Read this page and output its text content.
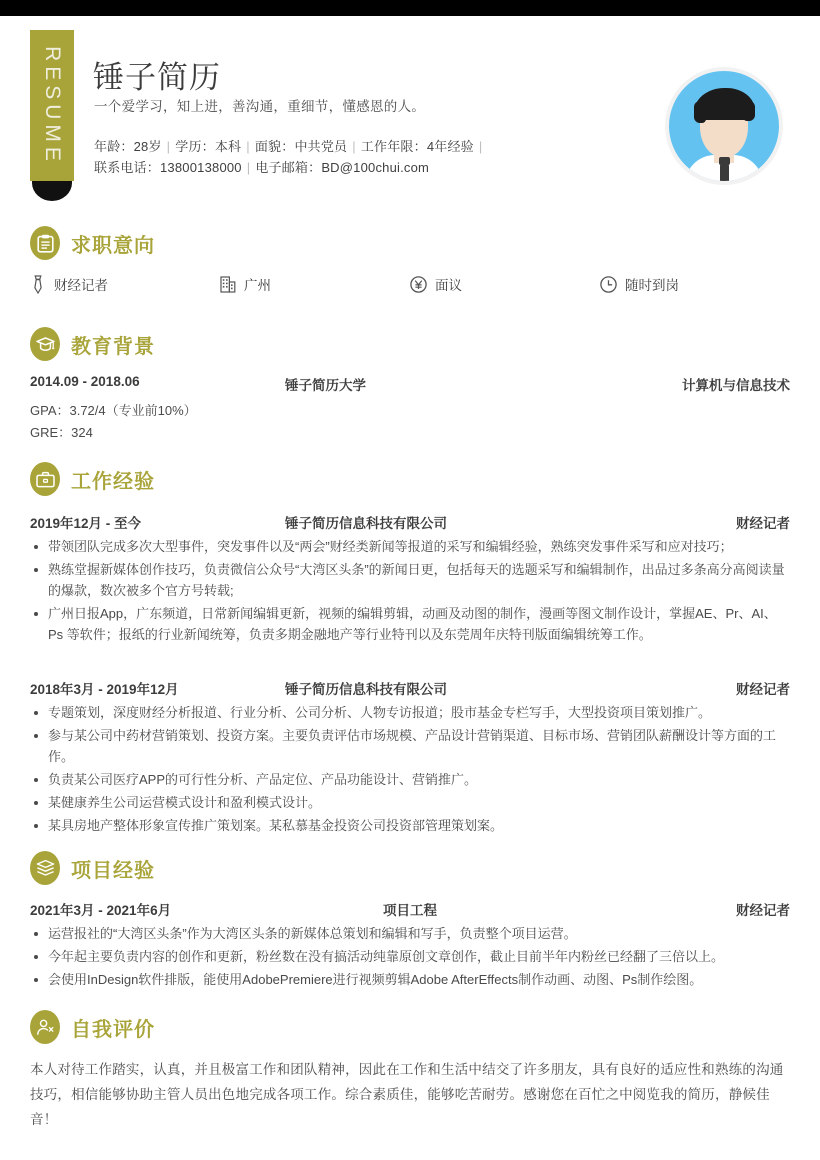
RESUME 锤子简历
一个爱学习，知上进，善沟通，重细节，懂感恩的人。
年龄：28岁 | 学历：本科 | 面貌：中共党员 | 工作年限：4年经验 |
联系电话：13800138000 | 电子邮箱：BD@100chui.com
求职意向
财经记者	广州	面议	随时到岗
教育背景
2014.09 - 2018.06	锤子简历大学	计算机与信息技术
GPA：3.72/4（专业前10%）
GRE：324
工作经验
2019年12月 - 至今	锤子简历信息科技有限公司	财经记者
带领团队完成多次大型事件，突发事件以及“两会”财经类新闻等报道的采写和编辑经验，熟练突发事件采写和应对技巧；
熟练堂握新媒体创作技巧，负责微信公众号“大湾区头条”的新闻日更，包括每天的选题采写和编辑制作，出品过多条高分高阅读量的爆款，数次被多个官方号转载;
广州日报App，广东频道，日常新闻编辑更新，视频的编辑剪辑，动画及动图的制作，漫画等图文制作设计，掌握AE、Pr、AI、Ps 等软件；报纸的行业新闻统筹，负责多期金融地产等行业特刊以及东莞周年庆特刊版面编辑统筹工作。
2018年3月 - 2019年12月	锤子简历信息科技有限公司	财经记者
专题策划，深度财经分析报道、行业分析、公司分析、人物专访报道；股市基金专栏写手，大型投资项目策划推广。
参与某公司中药材营销策划、投资方案。主要负责评估市场规模、产品设计营销渠道、目标市场、营销团队薪酬设计等方面的工作。
负责某公司医疗APP的可行性分析、产品定位、产品功能设计、营销推广。
某健康养生公司运营模式设计和盈利模式设计。
某具房地产整体形象宣传推广策划案。某私慕基金投资公司投资部管理策划案。
项目经验
2021年3月 - 2021年6月	项目工程	财经记者
运营报社的“大湾区头条”作为大湾区头条的新媒体总策划和编辑和写手，负责整个项目运营。
今年起主要负责内容的创作和更新，粉丝数在没有搞活动纯靠原创文章创作，截止目前半年内粉丝已经翻了三倍以上。
会使用InDesign软件排版，能使用AdobePremiere进行视频剪辑Adobe AfterEffects制作动画、动图、Ps制作绘图。
自我评价
本人对待工作踏实，认真，并且极富工作和团队精神，因此在工作和生活中结交了许多朋友，具有良好的适应性和熟练的沟通技巧，相信能够协助主管人员出色地完成各项工作。综合素质佳，能够吃苦耐劳。感谢您在百忙之中阅览我的简历，静候佳音！
